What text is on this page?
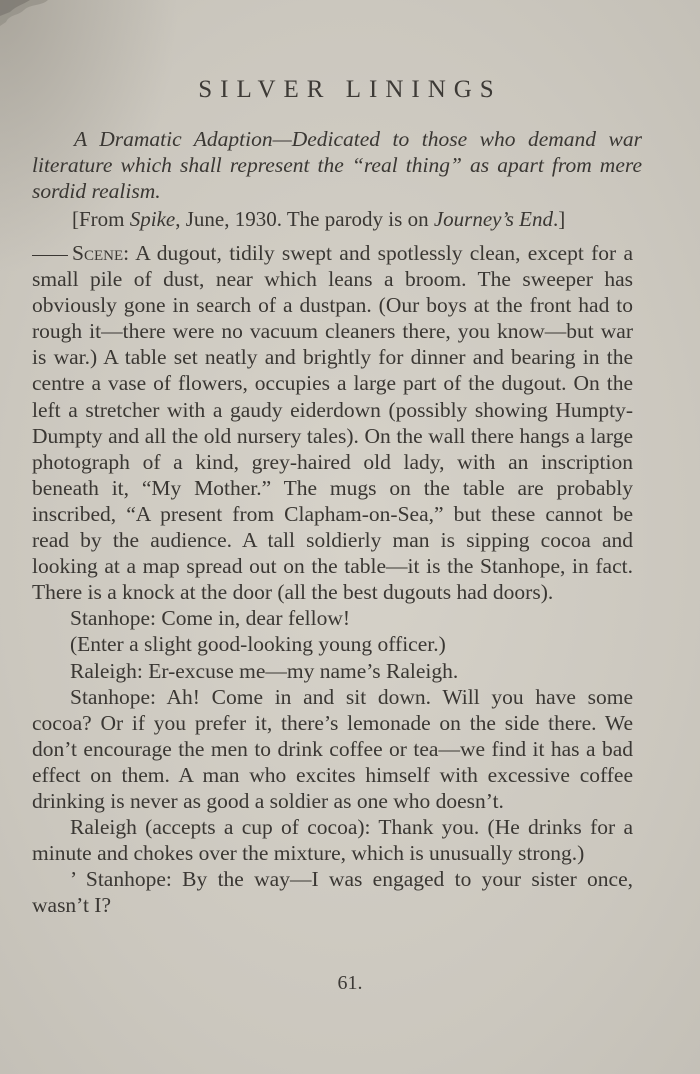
SILVER LININGS
A Dramatic Adaption—Dedicated to those who demand war literature which shall represent the “real thing” as apart from mere sordid realism.
[From Spike, June, 1930. The parody is on Journey’s End.]

Scene: A dugout, tidily swept and spotlessly clean, except for a small pile of dust, near which leans a broom. The sweeper has obviously gone in search of a dustpan. (Our boys at the front had to rough it—there were no vacuum cleaners there, you know—but war is war.) A table set neatly and brightly for dinner and bearing in the centre a vase of flowers, occupies a large part of the dugout. On the left a stretcher with a gaudy eiderdown (possibly showing Humpty-Dumpty and all the old nursery tales). On the wall there hangs a large photograph of a kind, grey-haired old lady, with an inscription beneath it, “My Mother.” The mugs on the table are probably inscribed, “A present from Clapham-on-Sea,” but these cannot be read by the audience. A tall soldierly man is sipping cocoa and looking at a map spread out on the table—it is the Stanhope, in fact. There is a knock at the door (all the best dugouts had doors).

Stanhope: Come in, dear fellow!

(Enter a slight good-looking young officer.)

Raleigh: Er-excuse me—my name’s Raleigh.

Stanhope: Ah! Come in and sit down. Will you have some cocoa? Or if you prefer it, there’s lemonade on the side there. We don’t encourage the men to drink coffee or tea—we find it has a bad effect on them. A man who excites himself with excessive coffee drinking is never as good a soldier as one who doesn’t.

Raleigh (accepts a cup of cocoa): Thank you. (He drinks for a minute and chokes over the mixture, which is unusually strong.)

’ Stanhope: By the way—I was engaged to your sister once, wasn’t I?

61.
